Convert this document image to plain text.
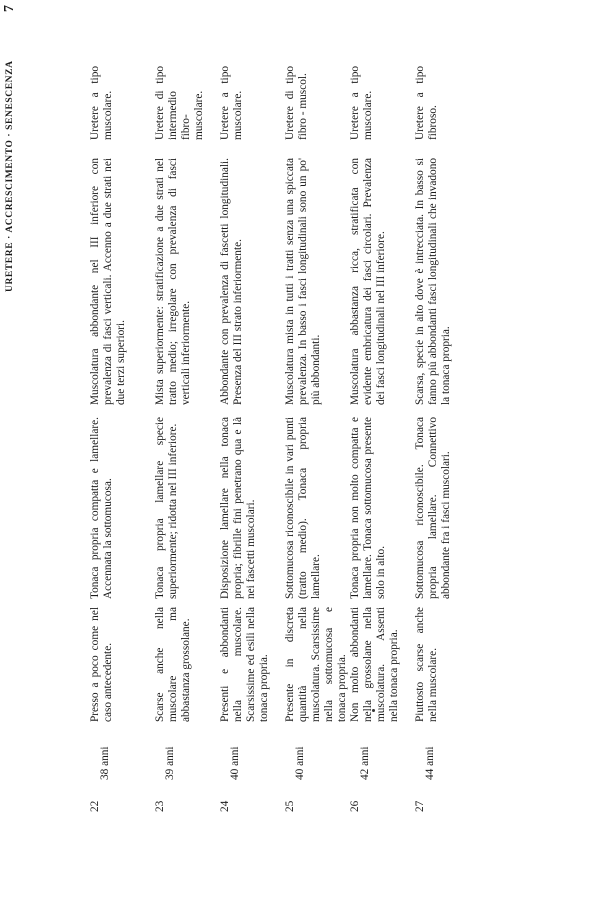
URETERE · ACCRESCIMENTO · SENESCENZA
7
22	38 anni	Presso a poco come nel caso antecedente.	Tonaca propria compatta e lamellare. Accennata la sottomucosa.	Muscolatura abbondante nel III inferiore con prevalenza di fasci verticali. Accenno a due strati nei due terzi superiori.	Uretere a tipo muscolare.
23	39 anni	Scarse anche nella muscolare ma abbastanza grossolane.	Tonaca propria lamellare specie superiormente; ridotta nel III inferiore.	Mista superiormente: stratificazione a due strati nel tratto medio; irregolare con prevalenza di fasci verticali inferiormente.	Uretere di tipo intermedio fibro-muscolare.
24	40 anni	Presenti e abbondanti nella muscolare. Scarsissime ed esili nella tonaca propria.	Disposizione lamellare nella tonaca propria; fibrille fini penetrano qua e là nei fascetti muscolari.	Abbondante con prevalenza di fascetti longitudinali. Presenza del III strato inferiormente.	Uretere a tipo muscolare.
25	40 anni	Presente in discreta quantità nella muscolatura. Scarsissime nella sottomucosa e tonaca propria.	Sottomucosa riconoscibile in vari punti (tratto medio). Tonaca propria lamellare.	Muscolatura mista in tutti i tratti senza una spiccata prevalenza. In basso i fasci longitudinali sono un po' più abbondanti.	Uretere di tipo fibro - muscol.
26	42 anni	Non molto abbondanti nella grossolane nella muscolatura. Assenti nella tonaca propria.	Tonaca propria non molto compatta e lamellare. Tonaca sottomucosa presente solo in alto.	Muscolatura abbastanza ricca, stratificata con evidente embricatura dei fasci circolari. Prevalenza dei fasci longitudinali nel III inferiore.	Uretere a tipo muscolare.
27	44 anni	Piuttosto scarse anche nella muscolare.	Sottomucosa riconoscibile. Tonaca propria lamellare. Connettivo abbondante fra i fasci muscolari.	Scarsa, specie in alto dove è intrecciata. In basso si fanno più abbondanti fasci longitudinali che invadono la tonaca propria.	Uretere a tipo fibroso.
